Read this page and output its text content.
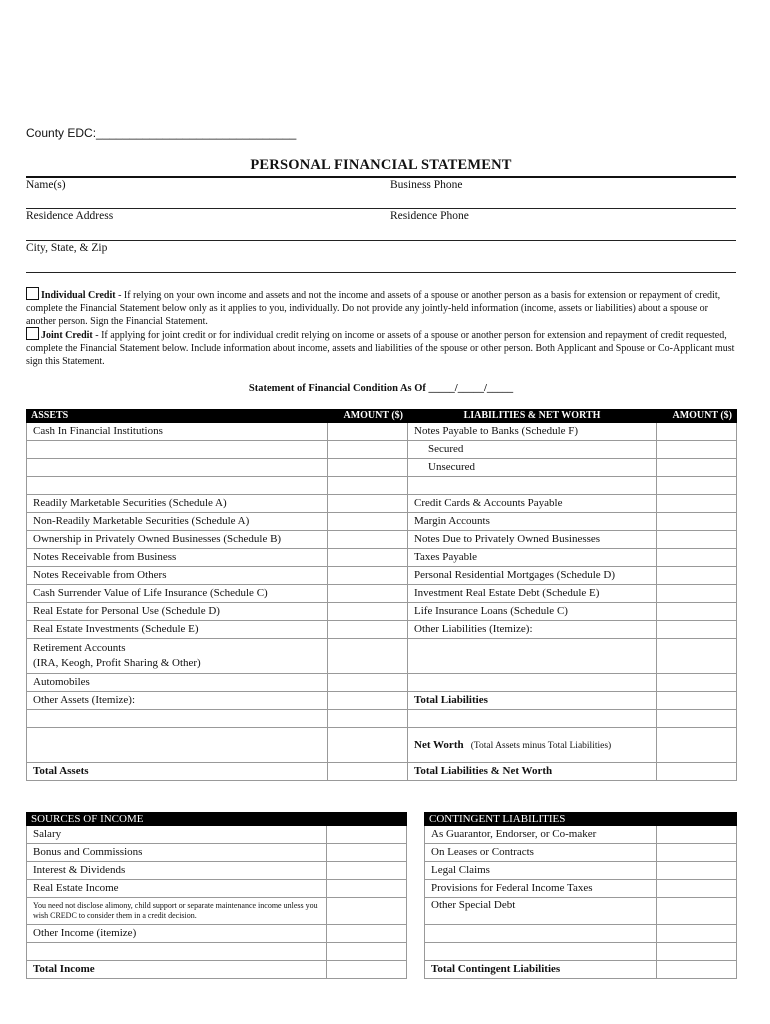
County EDC:______________________________
PERSONAL FINANCIAL STATEMENT
Name(s)	Business Phone
Residence Address	Residence Phone
City, State, & Zip
Individual Credit - If relying on your own income and assets and not the income and assets of a spouse or another person as a basis for extension or repayment of credit, complete the Financial Statement below only as it applies to you, individually. Do not provide any jointly-held information (income, assets or liabilities) about a spouse or another person. Sign the Financial Statement.
Joint Credit - If applying for joint credit or for individual credit relying on income or assets of a spouse or another person for extension and repayment of credit requested, complete the Financial Statement below. Include information about income, assets and liabilities of the spouse or other person. Both Applicant and Spouse or Co-Applicant must sign this Statement.
Statement of Financial Condition As Of _____/_____/_____
ASSETS	AMOUNT ($)	LIABILITIES & NET WORTH	AMOUNT ($)
Cash In Financial Institutions		Notes Payable to Banks (Schedule F)	
		Secured	
		Unsecured	

Readily Marketable Securities (Schedule A)		Credit Cards & Accounts Payable	
Non-Readily Marketable Securities (Schedule A)		Margin Accounts	
Ownership in Privately Owned Businesses (Schedule B)		Notes Due to Privately Owned Businesses	
Notes Receivable from Business		Taxes Payable	
Notes Receivable from Others		Personal Residential Mortgages (Schedule D)	
Cash Surrender Value of Life Insurance (Schedule C)		Investment Real Estate Debt (Schedule E)	
Real Estate for Personal Use (Schedule D)		Life Insurance Loans (Schedule C)	
Real Estate Investments (Schedule E)		Other Liabilities (Itemize):	

Retirement Accounts
(IRA, Keogh, Profit Sharing & Other)			

Automobiles			
Other Assets (Itemize):		Total Liabilities	

		Net Worth (Total Assets minus Total Liabilities)	
Total Assets		Total Liabilities & Net Worth	
SOURCES OF INCOME	
Salary	
Bonus and Commissions	
Interest & Dividends	
Real Estate Income	
You need not disclose alimony, child support or separate maintenance income unless you wish CREDC to consider them in a credit decision.	
Other Income (itemize)	

Total Income	
CONTINGENT LIABILITIES	
As Guarantor, Endorser, or Co-maker	
On Leases or Contracts	
Legal Claims	
Provisions for Federal Income Taxes	
Other Special Debt	

Total Contingent Liabilities	
